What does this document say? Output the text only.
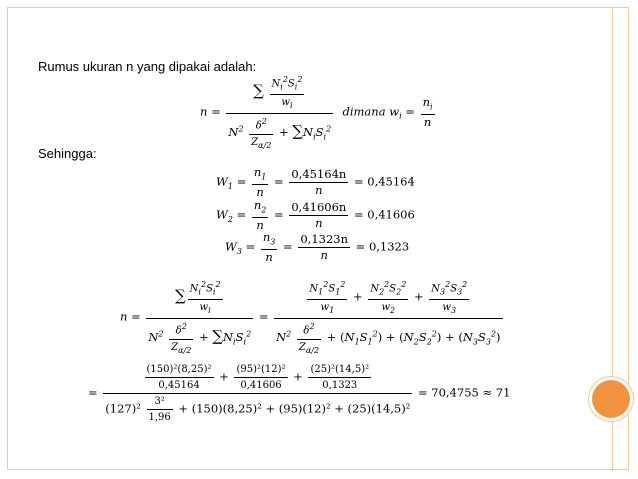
Rumus ukuran n yang dipakai adalah:
$n = \frac{\sum \frac{N_i^2S_i^2}{w_i}}{N^2 \frac{\delta^2}{Z_{\alpha/2}} + \sum N_iS_i^2}$ dimana $w_i = \frac{n_i}{n}$
Sehingga:
$W_1 = \frac{n_1}{n} = \frac{0,45164n}{n} = 0,45164$
$W_2 = \frac{n_2}{n} = \frac{0,41606n}{n} = 0,41606$
$W_3 = \frac{n_3}{n} = \frac{0,1323n}{n} = 0,1323$
$n = \frac{\sum \frac{N_i^2S_i^2}{w_i}}{N^2 \frac{\delta^2}{Z_{\alpha/2}} + \sum N_iS_i^2} = \frac{\frac{N_1^2S_1^2}{w_1} + \frac{N_2^2S_2^2}{w_2} + \frac{N_3^2S_3^2}{w_3}}{N^2 \frac{\delta^2}{Z_{\alpha/2}} + (N_1S_1^2) + (N_2S_2^2) + (N_3S_3^2)}$
=	$\frac{\text{(150)²(8,25)²}}{0,45164} + \frac{\text{(95)²(12)²}}{0,41606} + \frac{\text{(25)²(14,5)²}}{0,1323}$
$(127)^2 \frac{\text{3²}}{1,96} + (150)(8,25)^2 + (95)(12)^2 + (25)(14,5)^2$
= 70,4755 ≈ 71
